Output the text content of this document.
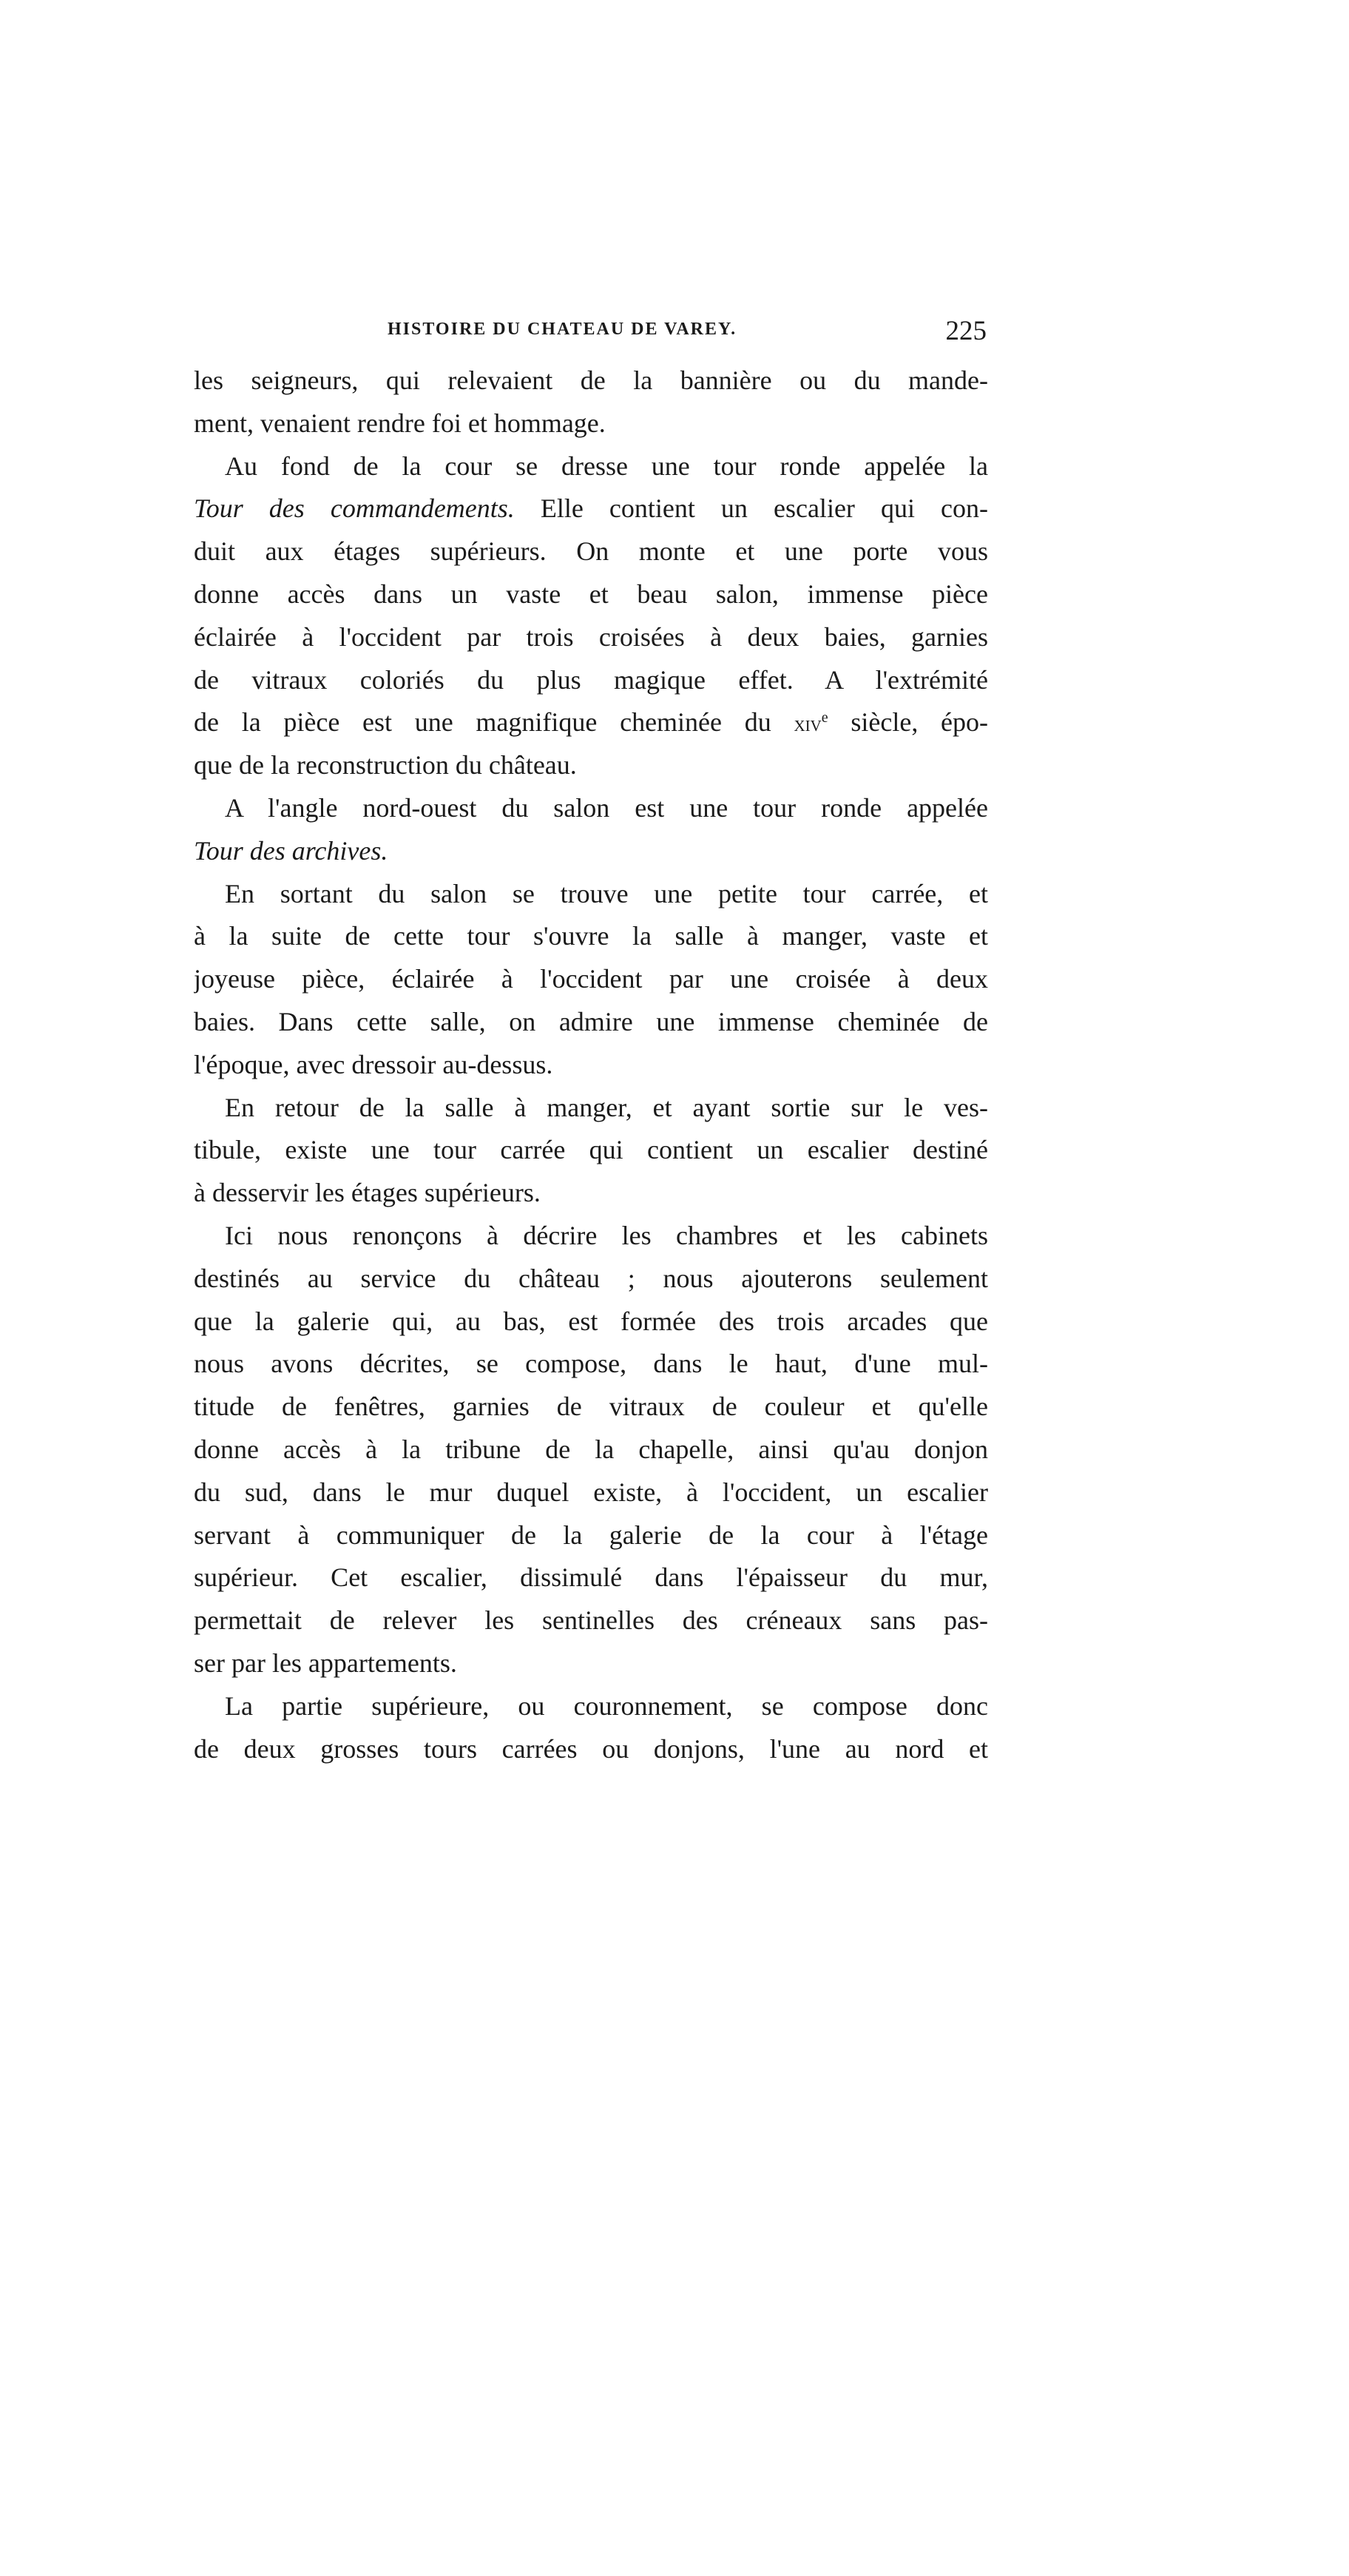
HISTOIRE DU CHATEAU DE VAREY.	225
les seigneurs, qui relevaient de la bannière ou du mande-
ment, venaient rendre foi et hommage.
Au fond de la cour se dresse une tour ronde appelée la
Tour des commandements. Elle contient un escalier qui con-
duit aux étages supérieurs. On monte et une porte vous
donne accès dans un vaste et beau salon, immense pièce
éclairée à l'occident par trois croisées à deux baies, garnies
de vitraux coloriés du plus magique effet. A l'extrémité
de la pièce est une magnifique cheminée du xiv$^e$ siècle, épo-
que de la reconstruction du château.
A l'angle nord-ouest du salon est une tour ronde appelée
Tour des archives.
En sortant du salon se trouve une petite tour carrée, et
à la suite de cette tour s'ouvre la salle à manger, vaste et
joyeuse pièce, éclairée à l'occident par une croisée à deux
baies. Dans cette salle, on admire une immense cheminée de
l'époque, avec dressoir au-dessus.
En retour de la salle à manger, et ayant sortie sur le ves-
tibule, existe une tour carrée qui contient un escalier destiné
à desservir les étages supérieurs.
Ici nous renonçons à décrire les chambres et les cabinets
destinés au service du château ; nous ajouterons seulement
que la galerie qui, au bas, est formée des trois arcades que
nous avons décrites, se compose, dans le haut, d'une mul-
titude de fenêtres, garnies de vitraux de couleur et qu'elle
donne accès à la tribune de la chapelle, ainsi qu'au donjon
du sud, dans le mur duquel existe, à l'occident, un escalier
servant à communiquer de la galerie de la cour à l'étage
supérieur. Cet escalier, dissimulé dans l'épaisseur du mur,
permettait de relever les sentinelles des créneaux sans pas-
ser par les appartements.
La partie supérieure, ou couronnement, se compose donc
de deux grosses tours carrées ou donjons, l'une au nord et
